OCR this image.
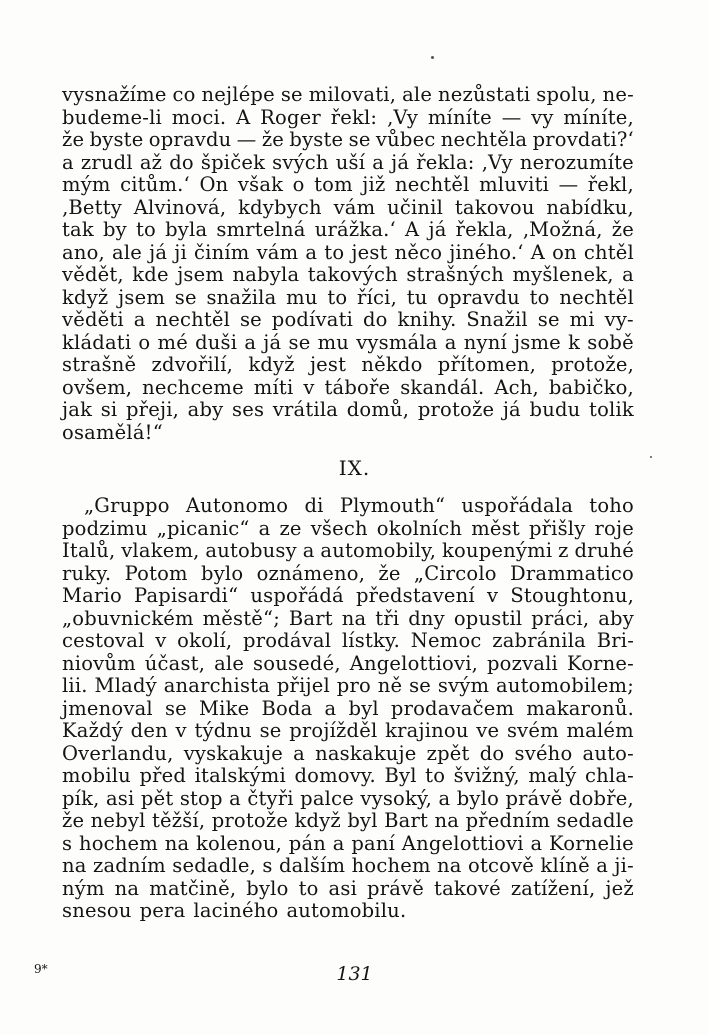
vysnažíme co nejlépe se milovati, ale nezůstati spolu, ne-
budeme-li moci. A Roger řekl: ‚Vy míníte — vy míníte,
že byste opravdu — že byste se vůbec nechtěla provdati?‘
a zrudl až do špiček svých uší a já řekla: ‚Vy nerozumíte
mým citům.‘ On však o tom již nechtěl mluviti — řekl,
‚Betty Alvinová, kdybych vám učinil takovou nabídku,
tak by to byla smrtelná urážka.‘ A já řekla, ‚Možná, že
ano, ale já ji činím vám a to jest něco jiného.‘ A on chtěl
vědět, kde jsem nabyla takových strašných myšlenek, a
když jsem se snažila mu to říci, tu opravdu to nechtěl
věděti a nechtěl se podívati do knihy. Snažil se mi vy-
kládati o mé duši a já se mu vysmála a nyní jsme k sobě
strašně zdvořilí, když jest někdo přítomen, protože,
ovšem, nechceme míti v táboře skandál. Ach, babičko,
jak si přeji, aby ses vrátila domů, protože já budu tolik
osamělá!“
IX.
„Gruppo Autonomo di Plymouth“ uspořádala toho
podzimu „picanic“ a ze všech okolních měst přišly roje
Italů, vlakem, autobusy a automobily, koupenými z druhé
ruky. Potom bylo oznámeno, že „Circolo Drammatico
Mario Papisardi“ uspořádá představení v Stoughtonu,
„obuvnickém městě“; Bart na tři dny opustil práci, aby
cestoval v okolí, prodával lístky. Nemoc zabránila Bri-
niovům účast, ale sousedé, Angelottiovi, pozvali Korne-
lii. Mladý anarchista přijel pro ně se svým automobilem;
jmenoval se Mike Boda a byl prodavačem makaronů.
Každý den v týdnu se projížděl krajinou ve svém malém
Overlandu, vyskakuje a naskakuje zpět do svého auto-
mobilu před italskými domovy. Byl to švižný, malý chla-
pík, asi pět stop a čtyři palce vysoký, a bylo právě dobře,
že nebyl těžší, protože když byl Bart na předním sedadle
s hochem na kolenou, pán a paní Angelottiovi a Kornelie
na zadním sedadle, s dalším hochem na otcově klíně a ji-
ným na matčině, bylo to asi právě takové zatížení, jež
snesou pera laciného automobilu.
9*	131
